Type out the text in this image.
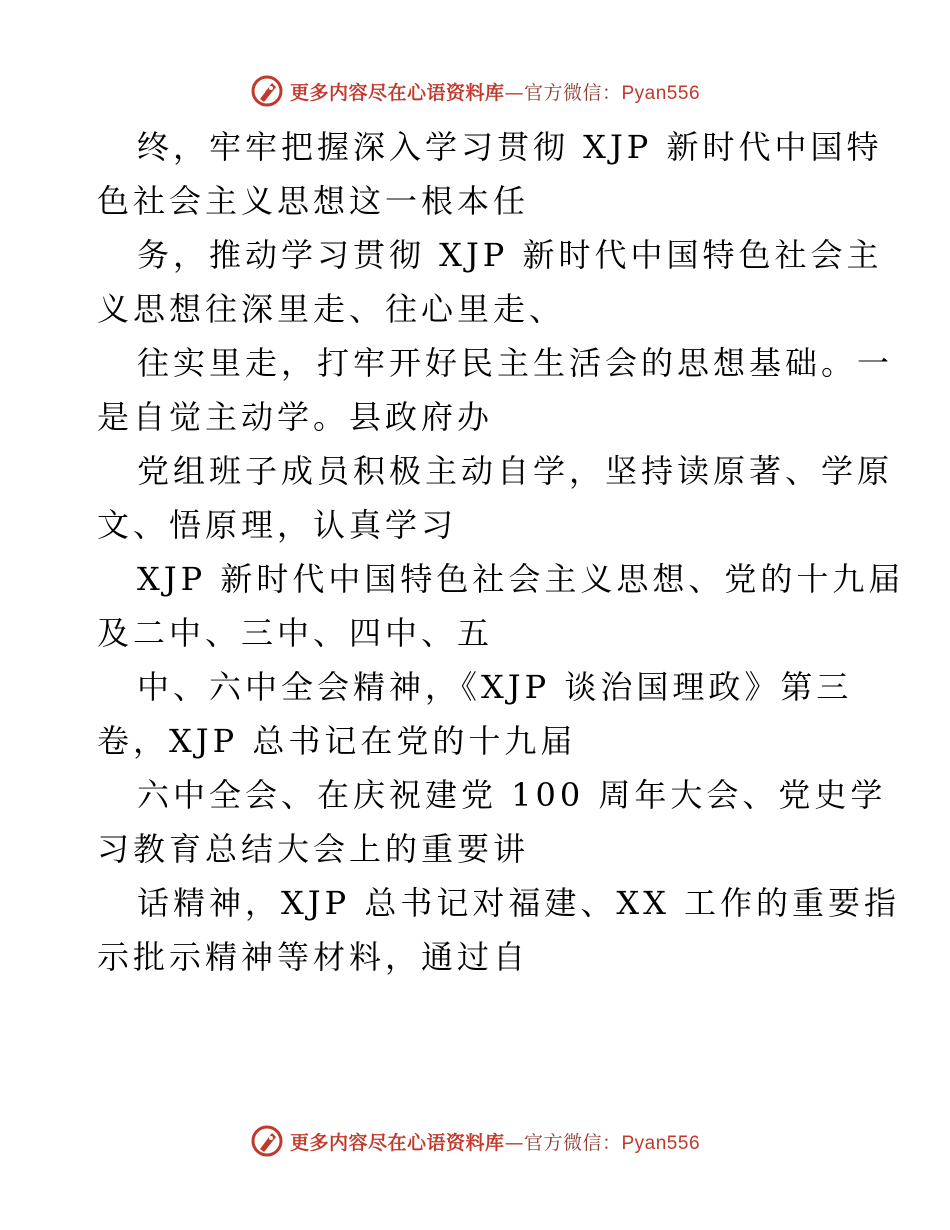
更多内容尽在心语资料库—官方微信：Pyan556
终，牢牢把握深入学习贯彻 XJP 新时代中国特
色社会主义思想这一根本任
务，推动学习贯彻 XJP 新时代中国特色社会主
义思想往深里走、往心里走、
往实里走，打牢开好民主生活会的思想基础。一
是自觉主动学。县政府办
党组班子成员积极主动自学，坚持读原著、学原
文、悟原理，认真学习
XJP 新时代中国特色社会主义思想、党的十九届
及二中、三中、四中、五
中、六中全会精神，《XJP 谈治国理政》第三
卷，XJP 总书记在党的十九届
六中全会、在庆祝建党 100 周年大会、党史学
习教育总结大会上的重要讲
话精神，XJP 总书记对福建、XX 工作的重要指
示批示精神等材料，通过自
更多内容尽在心语资料库—官方微信：Pyan556
